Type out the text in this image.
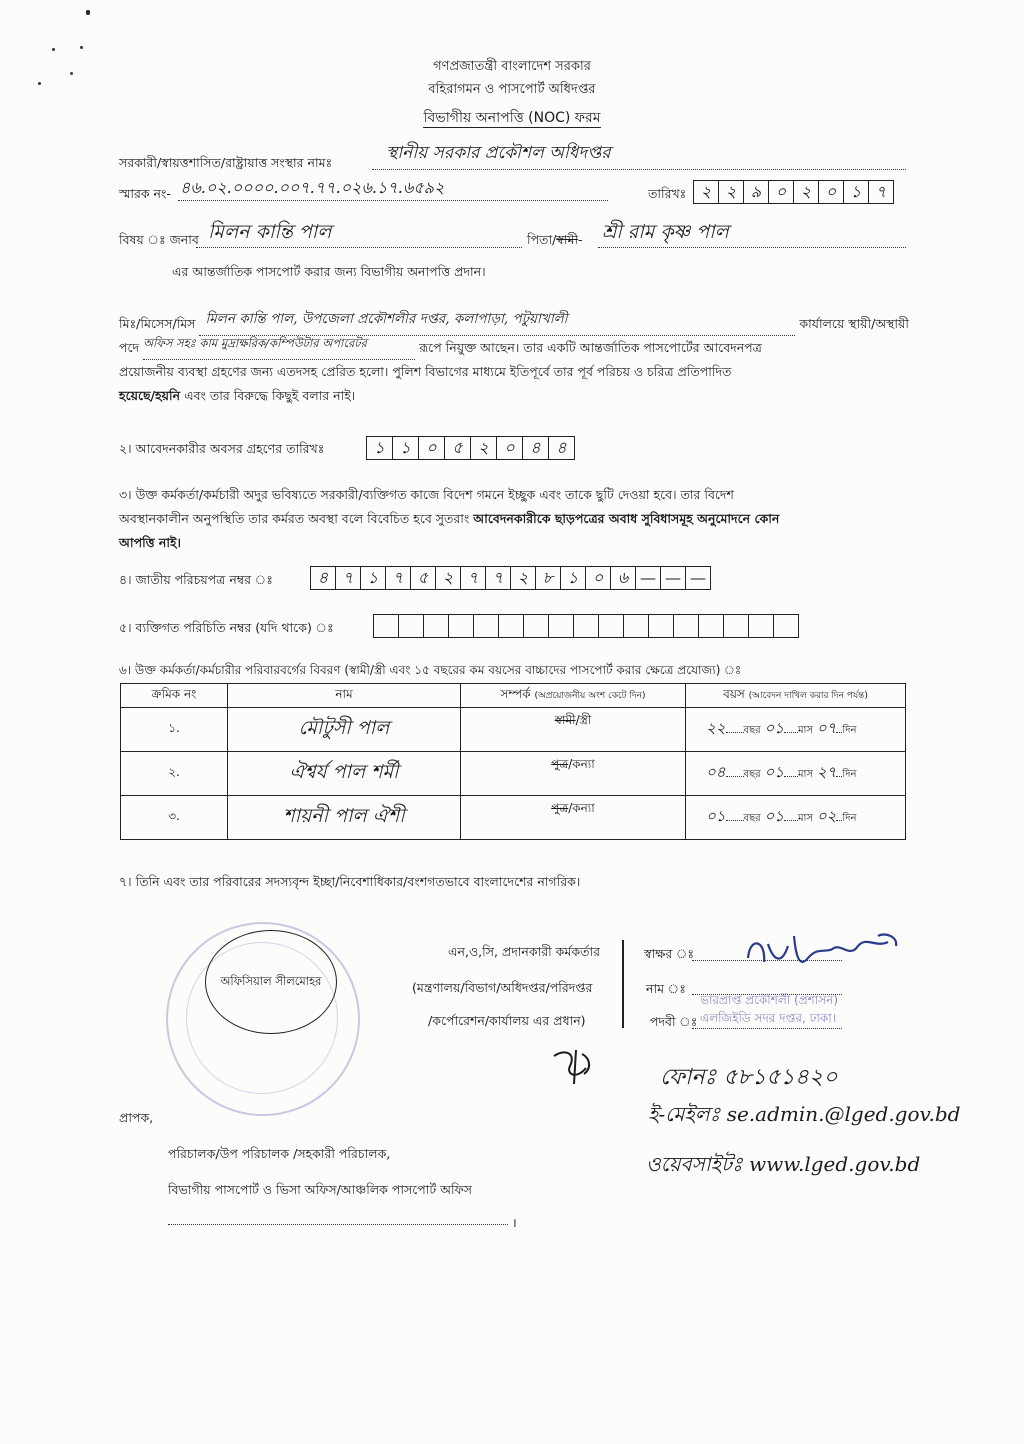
গণপ্রজাতন্ত্রী বাংলাদেশ সরকার
বহিরাগমন ও পাসপোর্ট অধিদপ্তর
বিভাগীয় অনাপত্তি (NOC) ফরম
সরকারী/স্বায়ত্তশাসিত/রাষ্ট্রায়াত্ত সংস্থার নামঃ	স্থানীয় সরকার প্রকৌশল অধিদপ্তর
স্মারক নং- ৪৬.০২.০০০০.০০৭.৭৭.০২৬.১৭.৬৫৯২	তারিখঃ ২ ২ ৯ ০ ২ ০ ১ ৭
বিষয় ঃ জনাব মিলন কান্তি পাল	পিতা/স্বামী- শ্রী রাম কৃষ্ণ পাল
এর আন্তর্জাতিক পাসপোর্ট করার জন্য বিভাগীয় অনাপত্তি প্রদান।
মিঃ/মিসেস/মিস মিলন কান্তি পাল, উপজেলা প্রকৌশলীর দপ্তর, কলাপাড়া, পটুয়াখালী	কার্যালয়ে স্থায়ী/অস্থায়ী
পদে অফিস সহঃ কাম মুদ্রাক্ষরিক/কম্পিউটার অপারেটর	রূপে নিয়ুক্ত আছেন। তার একটি আন্তর্জাতিক পাসপোর্টের আবেদনপত্র
প্রয়োজনীয় ব্যবস্থা গ্রহণের জন্য এতদসহ প্রেরিত হলো। পুলিশ বিভাগের মাধ্যমে ইতিপূর্বে তার পূর্ব পরিচয় ও চরিত্র প্রতিপাদিত
হয়েছে/হয়নি এবং তার বিরুদ্ধে কিছুই বলার নাই।
২। আবেদনকারীর অবসর গ্রহণের তারিখঃ	১ ১ ০ ৫ ২ ০ ৪ ৪
৩। উক্ত কর্মকর্তা/কর্মচারী অদুর ভবিষ্যতে সরকারী/ব্যক্তিগত কাজে বিদেশ গমনে ইচ্ছুক এবং তাকে ছুটি দেওয়া হবে। তার বিদেশ
অবস্থানকালীন অনুপস্থিতি তার কর্মরত অবস্থা বলে বিবেচিত হবে সুতরাং আবেদনকারীকে ছাড়পত্রের অবাধ সুবিধাসমূহ অনুমোদনে কোন
আপত্তি নাই।
৪। জাতীয় পরিচয়পত্র নম্বর ঃ	৪ ৭ ১ ৭ ৫ ২ ৭ ৭ ২ ৮ ১ ০ ৬ — — —
৫। ব্যক্তিগত পরিচিতি নম্বর (যদি থাকে) ঃ
৬। উক্ত কর্মকর্তা/কর্মচারীর পরিবারবর্গের বিবরণ (স্বামী/স্ত্রী এবং ১৫ বছরের কম বয়সের বাচ্চাদের পাসপোর্ট করার ক্ষেত্রে প্রযোজ্য) ঃ
ক্রমিক নং	নাম	সম্পর্ক (অপ্রয়োজনীয় অংশ কেটে দিন)	বয়স (আবেদন দাখিল করার দিন পর্যন্ত)
১.	মৌটুসী পাল	স্বামী/স্ত্রী	২২ বছর ০১ মাস ০৭ দিন
২.	ঐশ্বর্য পাল শর্মী	পুত্র/কন্যা	০৪ বছর ০১ মাস ২৭ দিন
৩.	শায়নী পাল ঐশী	পুত্র/কন্যা	০১ বছর ০১ মাস ০২ দিন
৭। তিনি এবং তার পরিবারের সদস্যবৃন্দ ইচ্ছা/নিবেশাধিকার/বংশগতভাবে বাংলাদেশের নাগরিক।
অফিসিয়াল সীলমোহর
এন,ও,সি, প্রদানকারী কর্মকর্তার
(মন্ত্রণালয়/বিভাগ/অধিদপ্তর/পরিদপ্তর
/কর্পোরেশন/কার্যালয় এর প্রধান)
স্বাক্ষর ঃ
নাম ঃ
ভারপ্রাপ্ত প্রকৌশলী (প্রশাসন)
পদবী ঃ এলজিইডি সদর দপ্তর, ঢাকা।
ফোনঃ ৫৮১৫১৪২০
ই-মেইলঃ se.admin.@lged.gov.bd
ওয়েবসাইটঃ www.lged.gov.bd
প্রাপক,
পরিচালক/উপ পরিচালক /সহকারী পরিচালক,
বিভাগীয় পাসপোর্ট ও ভিসা অফিস/আঞ্চলিক পাসপোর্ট অফিস
।
